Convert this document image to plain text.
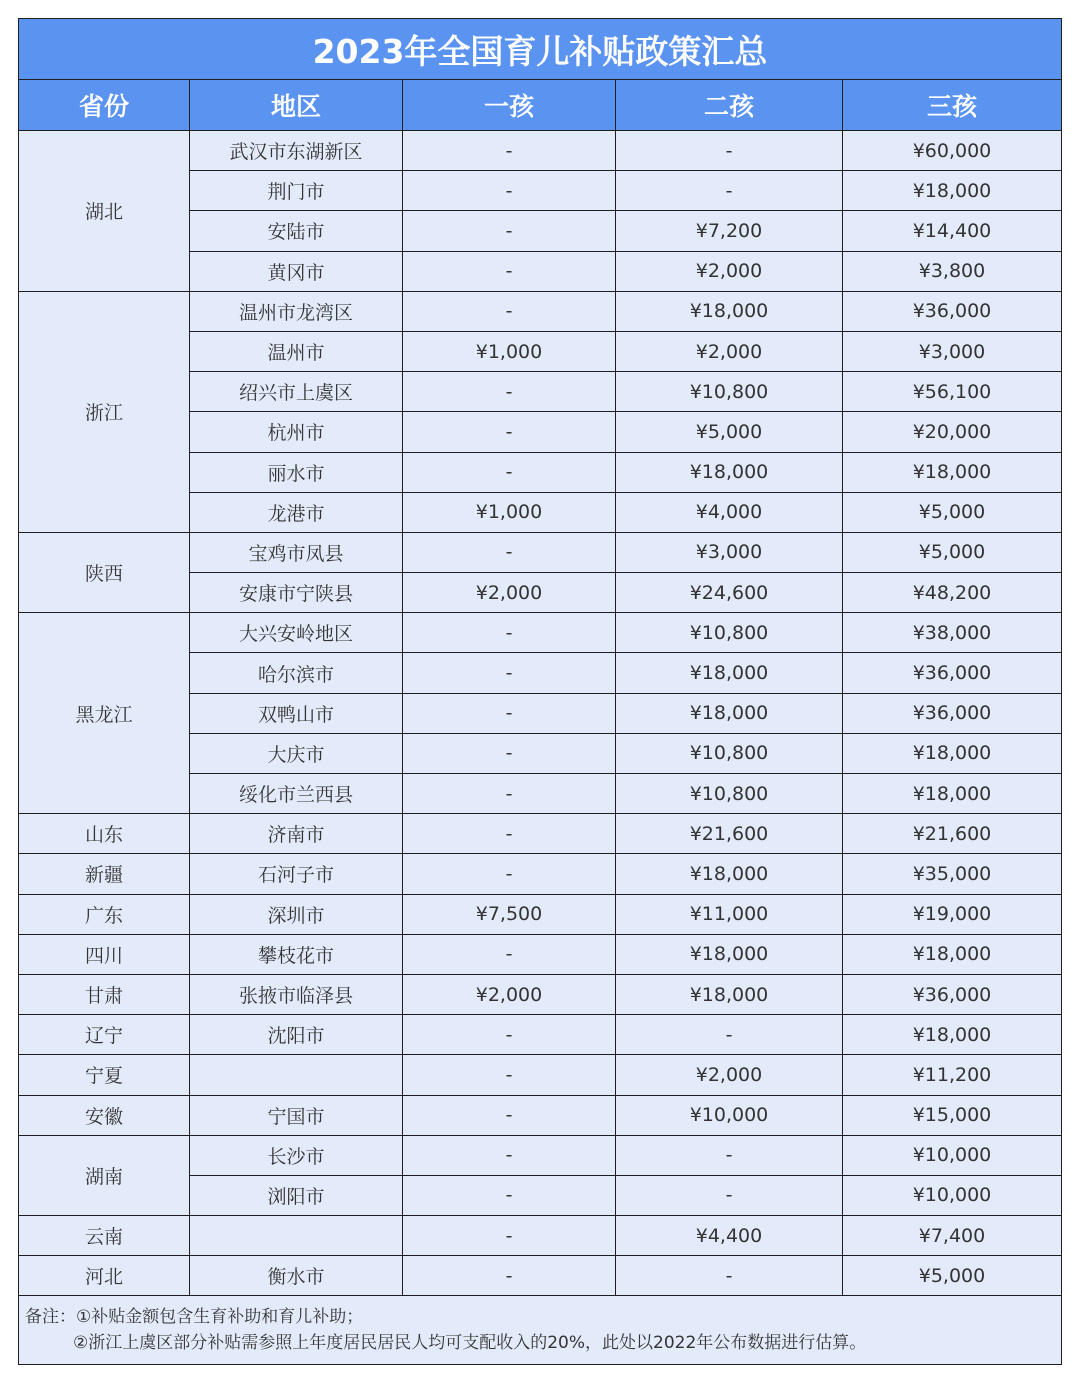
2023年全国育儿补贴政策汇总				
省份	地区	一孩	二孩	三孩
湖北	武汉市东湖新区	-	-	¥60,000
	荆门市	-	-	¥18,000
	安陆市	-	¥7,200	¥14,400
	黄冈市	-	¥2,000	¥3,800
浙江	温州市龙湾区	-	¥18,000	¥36,000
	温州市	¥1,000	¥2,000	¥3,000
	绍兴市上虞区	-	¥10,800	¥56,100
	杭州市	-	¥5,000	¥20,000
	丽水市	-	¥18,000	¥18,000
	龙港市	¥1,000	¥4,000	¥5,000
陕西	宝鸡市凤县	-	¥3,000	¥5,000
	安康市宁陕县	¥2,000	¥24,600	¥48,200
黑龙江	大兴安岭地区	-	¥10,800	¥38,000
	哈尔滨市	-	¥18,000	¥36,000
	双鸭山市	-	¥18,000	¥36,000
	大庆市	-	¥10,800	¥18,000
	绥化市兰西县	-	¥10,800	¥18,000
山东	济南市	-	¥21,600	¥21,600
新疆	石河子市	-	¥18,000	¥35,000
广东	深圳市	¥7,500	¥11,000	¥19,000
四川	攀枝花市	-	¥18,000	¥18,000
甘肃	张掖市临泽县	¥2,000	¥18,000	¥36,000
辽宁	沈阳市	-	-	¥18,000
宁夏		-	¥2,000	¥11,200
安徽	宁国市	-	¥10,000	¥15,000
湖南	长沙市	-	-	¥10,000
	浏阳市	-	-	¥10,000
云南		-	¥4,400	¥7,400
河北	衡水市	-	-	¥5,000
备注：①补贴金额包含生育补助和育儿补助；
②浙江上虞区部分补贴需参照上年度居民居民人均可支配收入的20%，此处以2022年公布数据进行估算。				
